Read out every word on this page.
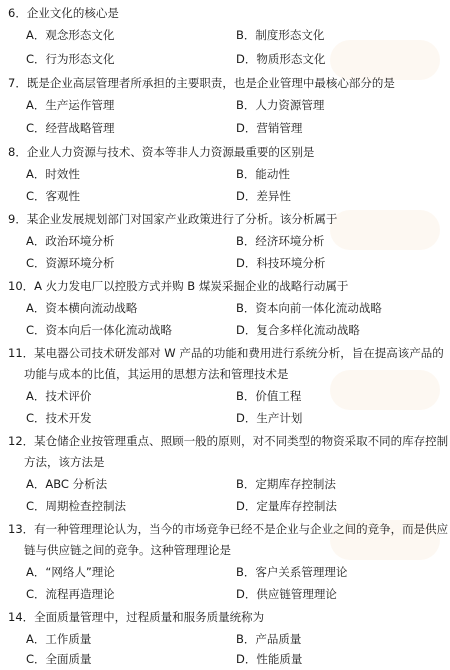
6．企业文化的核心是
A．观念形态文化	B．制度形态文化
C．行为形态文化	D．物质形态文化
7．既是企业高层管理者所承担的主要职责，也是企业管理中最核心部分的是
A．生产运作管理	B．人力资源管理
C．经营战略管理	D．营销管理
8．企业人力资源与技术、资本等非人力资源最重要的区别是
A．时效性	B．能动性
C．客观性	D．差异性
9．某企业发展规划部门对国家产业政策进行了分析。该分析属于
A．政治环境分析	B．经济环境分析
C．资源环境分析	D．科技环境分析
10．A 火力发电厂以控股方式并购 B 煤炭采掘企业的战略行动属于
A．资本横向流动战略	B．资本向前一体化流动战略
C．资本向后一体化流动战略	D．复合多样化流动战略
11．某电器公司技术研发部对 W 产品的功能和费用进行系统分析，旨在提高该产品的
功能与成本的比值，其运用的思想方法和管理技术是
A．技术评价	B．价值工程
C．技术开发	D．生产计划
12．某仓储企业按管理重点、照顾一般的原则，对不同类型的物资采取不同的库存控制
方法，该方法是
A．ABC 分析法	B．定期库存控制法
C．周期检查控制法	D．定量库存控制法
13．有一种管理理论认为，当今的市场竞争已经不是企业与企业之间的竞争，而是供应
链与供应链之间的竞争。这种管理理论是
A．“网络人”理论	B．客户关系管理理论
C．流程再造理论	D．供应链管理理论
14．全面质量管理中，过程质量和服务质量统称为
A．工作质量	B．产品质量
C．全面质量	D．性能质量
